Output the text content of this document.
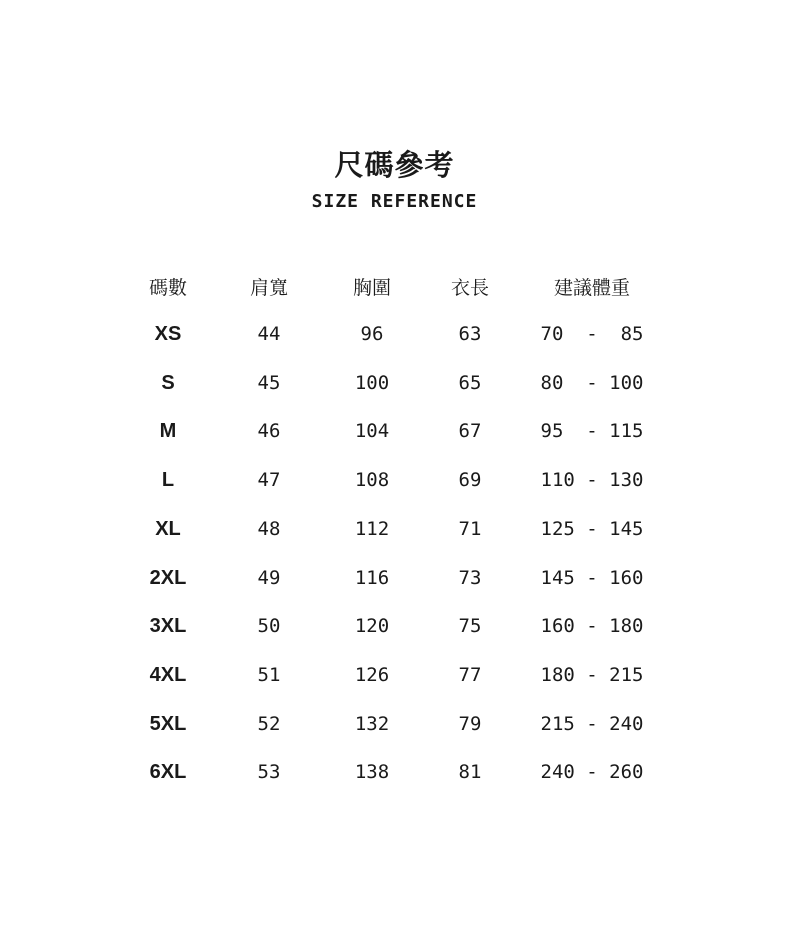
尺碼參考
SIZE REFERENCE
碼數	肩寬	胸圍	衣長	建議體重
XS	44	96	63	70  -  85
S	45	100	65	80  - 100
M	46	104	67	95  - 115
L	47	108	69	110 - 130
XL	48	112	71	125 - 145
2XL	49	116	73	145 - 160
3XL	50	120	75	160 - 180
4XL	51	126	77	180 - 215
5XL	52	132	79	215 - 240
6XL	53	138	81	240 - 260
